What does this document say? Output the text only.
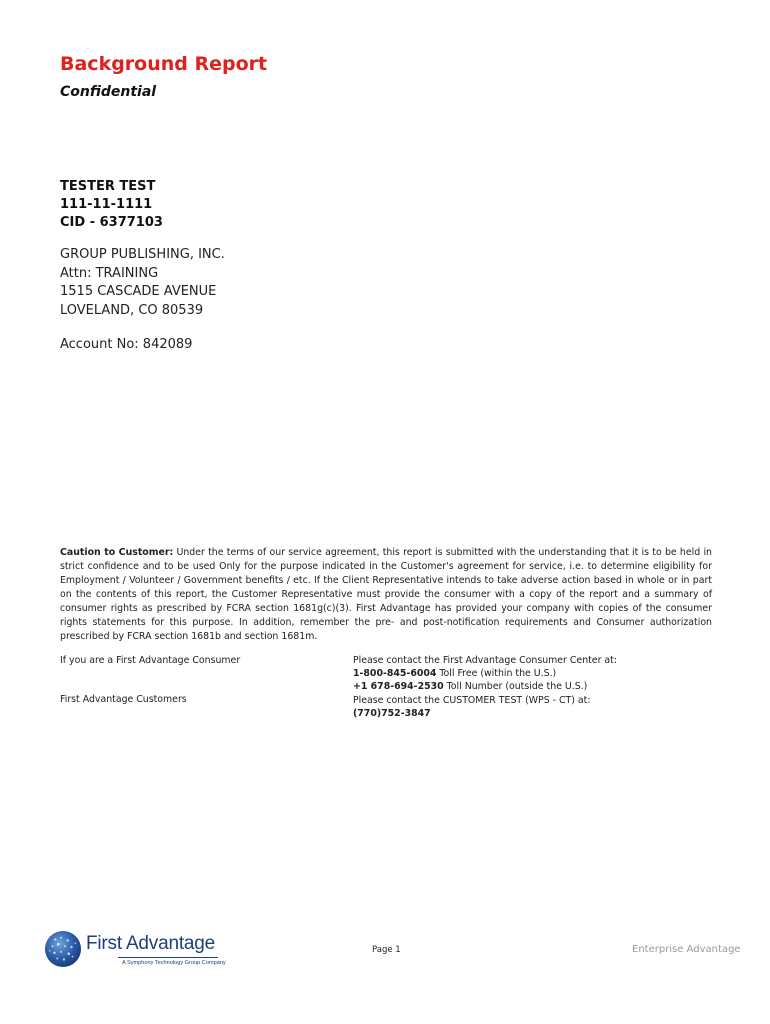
Background Report
Confidential
TESTER TEST
111-11-1111
CID - 6377103
GROUP PUBLISHING, INC.
Attn: TRAINING
1515 CASCADE AVENUE
LOVELAND, CO 80539
Account No: 842089
Caution to Customer: Under the terms of our service agreement, this report is submitted with the understanding that it is to be held in strict confidence and to be used Only for the purpose indicated in the Customer's agreement for service, i.e. to determine eligibility for Employment / Volunteer / Government benefits / etc. If the Client Representative intends to take adverse action based in whole or in part on the contents of this report, the Customer Representative must provide the consumer with a copy of the report and a summary of consumer rights as prescribed by FCRA section 1681g(c)(3). First Advantage has provided your company with copies of the consumer rights statements for this purpose. In addition, remember the pre- and post-notification requirements and Consumer authorization prescribed by FCRA section 1681b and section 1681m.
If you are a First Advantage Consumer
First Advantage Customers
Please contact the First Advantage Consumer Center at:
1-800-845-6004 Toll Free (within the U.S.)
+1 678-694-2530 Toll Number (outside the U.S.)
Please contact the CUSTOMER TEST (WPS - CT) at:
(770)752-3847
First Advantage
A Symphony Technology Group Company
Page 1	Enterprise Advantage
